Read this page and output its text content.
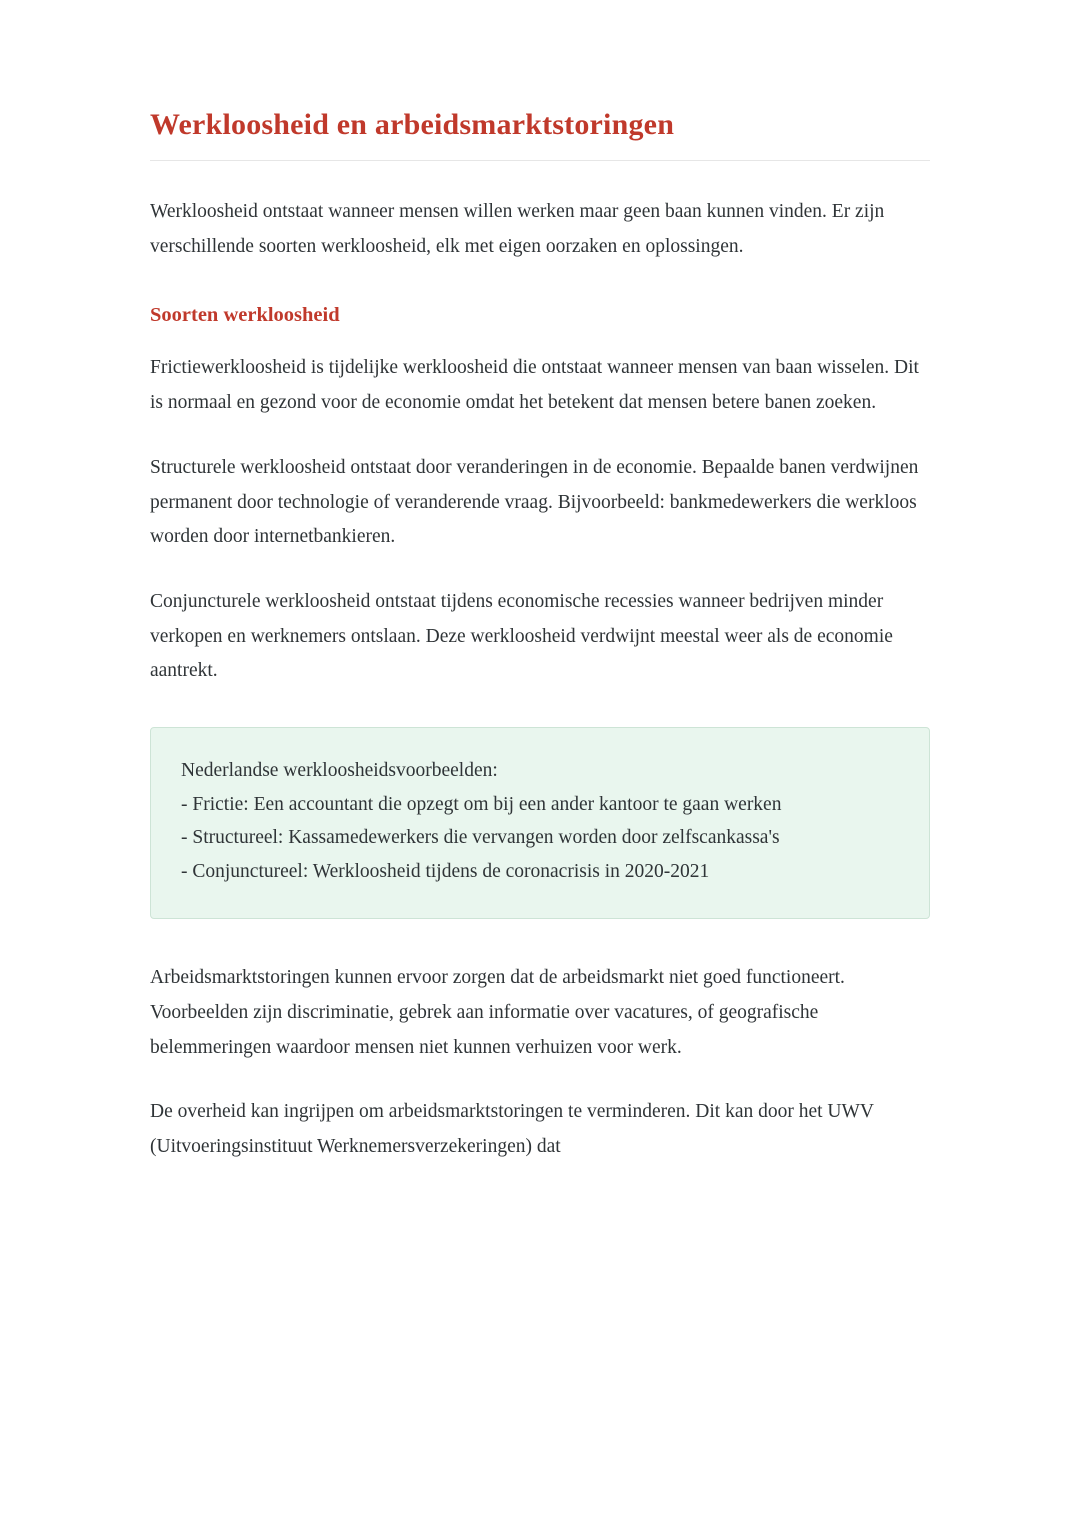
Werkloosheid en arbeidsmarktstoringen

Werkloosheid ontstaat wanneer mensen willen werken maar geen baan kunnen vinden. Er zijn verschillende soorten werkloosheid, elk met eigen oorzaken en oplossingen.

Soorten werkloosheid

Frictiewerkloosheid is tijdelijke werkloosheid die ontstaat wanneer mensen van baan wisselen. Dit is normaal en gezond voor de economie omdat het betekent dat mensen betere banen zoeken.

Structurele werkloosheid ontstaat door veranderingen in de economie. Bepaalde banen verdwijnen permanent door technologie of veranderende vraag. Bijvoorbeeld: bankmedewerkers die werkloos worden door internetbankieren.

Conjuncturele werkloosheid ontstaat tijdens economische recessies wanneer bedrijven minder verkopen en werknemers ontslaan. Deze werkloosheid verdwijnt meestal weer als de economie aantrekt.

Nederlandse werkloosheidsvoorbeelden:
- Frictie: Een accountant die opzegt om bij een ander kantoor te gaan werken
- Structureel: Kassamedewerkers die vervangen worden door zelfscankassa's
- Conjunctureel: Werkloosheid tijdens de coronacrisis in 2020-2021

Arbeidsmarktstoringen kunnen ervoor zorgen dat de arbeidsmarkt niet goed functioneert. Voorbeelden zijn discriminatie, gebrek aan informatie over vacatures, of geografische belemmeringen waardoor mensen niet kunnen verhuizen voor werk.

De overheid kan ingrijpen om arbeidsmarktstoringen te verminderen. Dit kan door het UWV (Uitvoeringsinstituut Werknemersverzekeringen) dat
